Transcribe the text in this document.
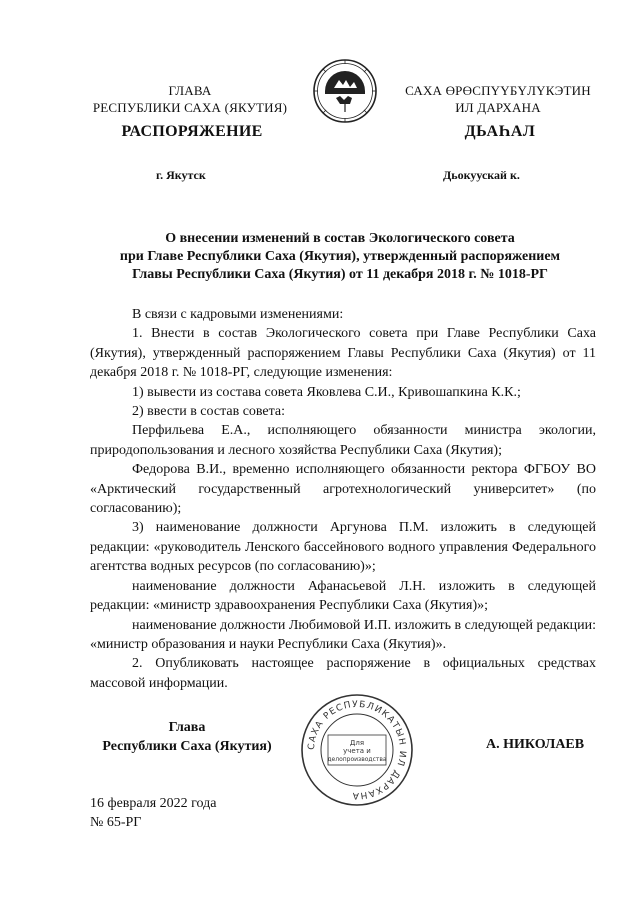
ГЛАВА
РЕСПУБЛИКИ САХА (ЯКУТИЯ)
САХА ӨРӨСПҮҮБҮЛҮКЭТИН
ИЛ ДАРХАНА
РАСПОРЯЖЕНИЕ	ДЬАҺАЛ
г. Якутск	Дьокуускай к.
О внесении изменений в состав Экологического совета
при Главе Республики Саха (Якутия), утвержденный распоряжением
Главы Республики Саха (Якутия) от 11 декабря 2018 г. № 1018-РГ

В связи с кадровыми изменениями:

1. Внести в состав Экологического совета при Главе Республики Саха (Якутия), утвержденный распоряжением Главы Республики Саха (Якутия) от 11 декабря 2018 г. № 1018-РГ, следующие изменения:

1) вывести из состава совета Яковлева С.И., Кривошапкина К.К.;

2) ввести в состав совета:

Перфильева Е.А., исполняющего обязанности министра экологии, природопользования и лесного хозяйства Республики Саха (Якутия);

Федорова В.И., временно исполняющего обязанности ректора ФГБОУ ВО «Арктический государственный агротехнологический университет» (по согласованию);

3) наименование должности Аргунова П.М. изложить в следующей редакции: «руководитель Ленского бассейнового водного управления Федерального агентства водных ресурсов (по согласованию)»;

наименование должности Афанасьевой Л.Н. изложить в следующей редакции: «министр здравоохранения Республики Саха (Якутия)»;

наименование должности Любимовой И.П. изложить в следующей редакции: «министр образования и науки Республики Саха (Якутия)».

2. Опубликовать настоящее распоряжение в официальных средствах массовой информации.

Глава
Республики Саха (Якутия)	САХА РЕСПУБЛИКАТЫН ИЛ ДАРХАНА
Для
учета и
делопроизводства
А. НИКОЛАЕВ
16 февраля 2022 года
№ 65-РГ
